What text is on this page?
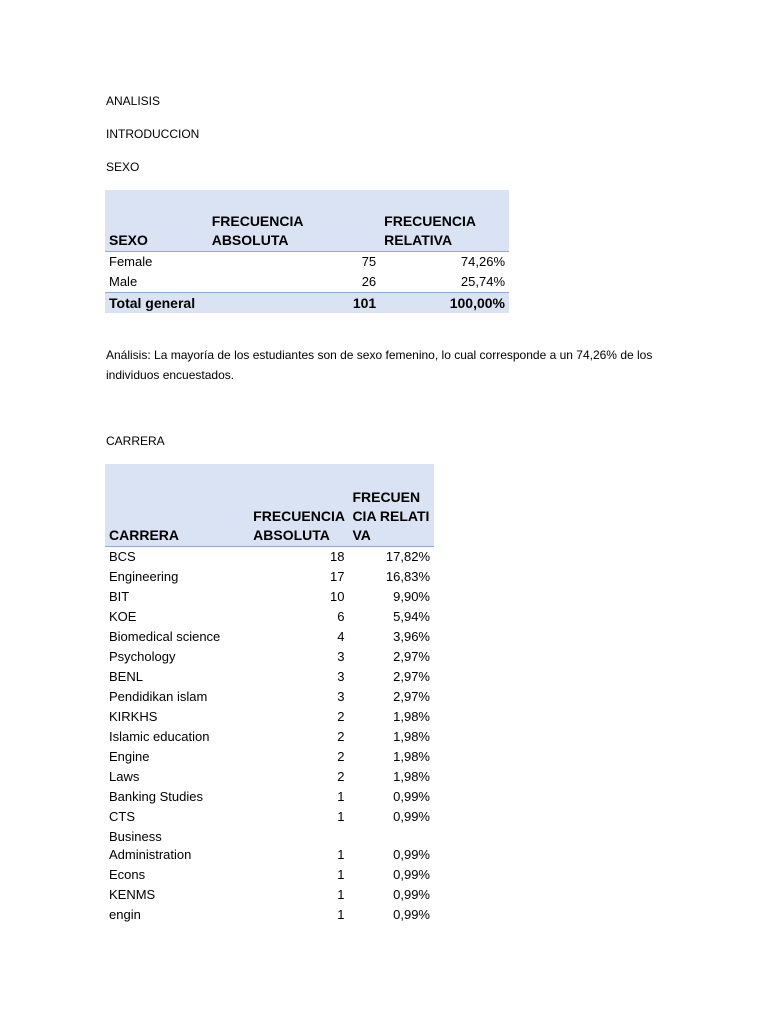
ANALISIS

INTRODUCCION

SEXO

SEXO	FRECUENCIA ABSOLUTA	FRECUENCIA RELATIVA
Female	75	74,26%
Male	26	25,74%
Total general	101	100,00%

Análisis: La mayoría de los estudiantes son de sexo femenino, lo cual corresponde a un 74,26% de los individuos encuestados.

CARRERA

CARRERA	FRECUENCIA ABSOLUTA	FRECUENCIA RELATIVA
BCS	18	17,82%
Engineering	17	16,83%
BIT	10	9,90%
KOE	6	5,94%
Biomedical science	4	3,96%
Psychology	3	2,97%
BENL	3	2,97%
Pendidikan islam	3	2,97%
KIRKHS	2	1,98%
Islamic education	2	1,98%
Engine	2	1,98%
Laws	2	1,98%
Banking Studies	1	0,99%
CTS	1	0,99%
Business Administration	1	0,99%
Econs	1	0,99%
KENMS	1	0,99%
engin	1	0,99%
